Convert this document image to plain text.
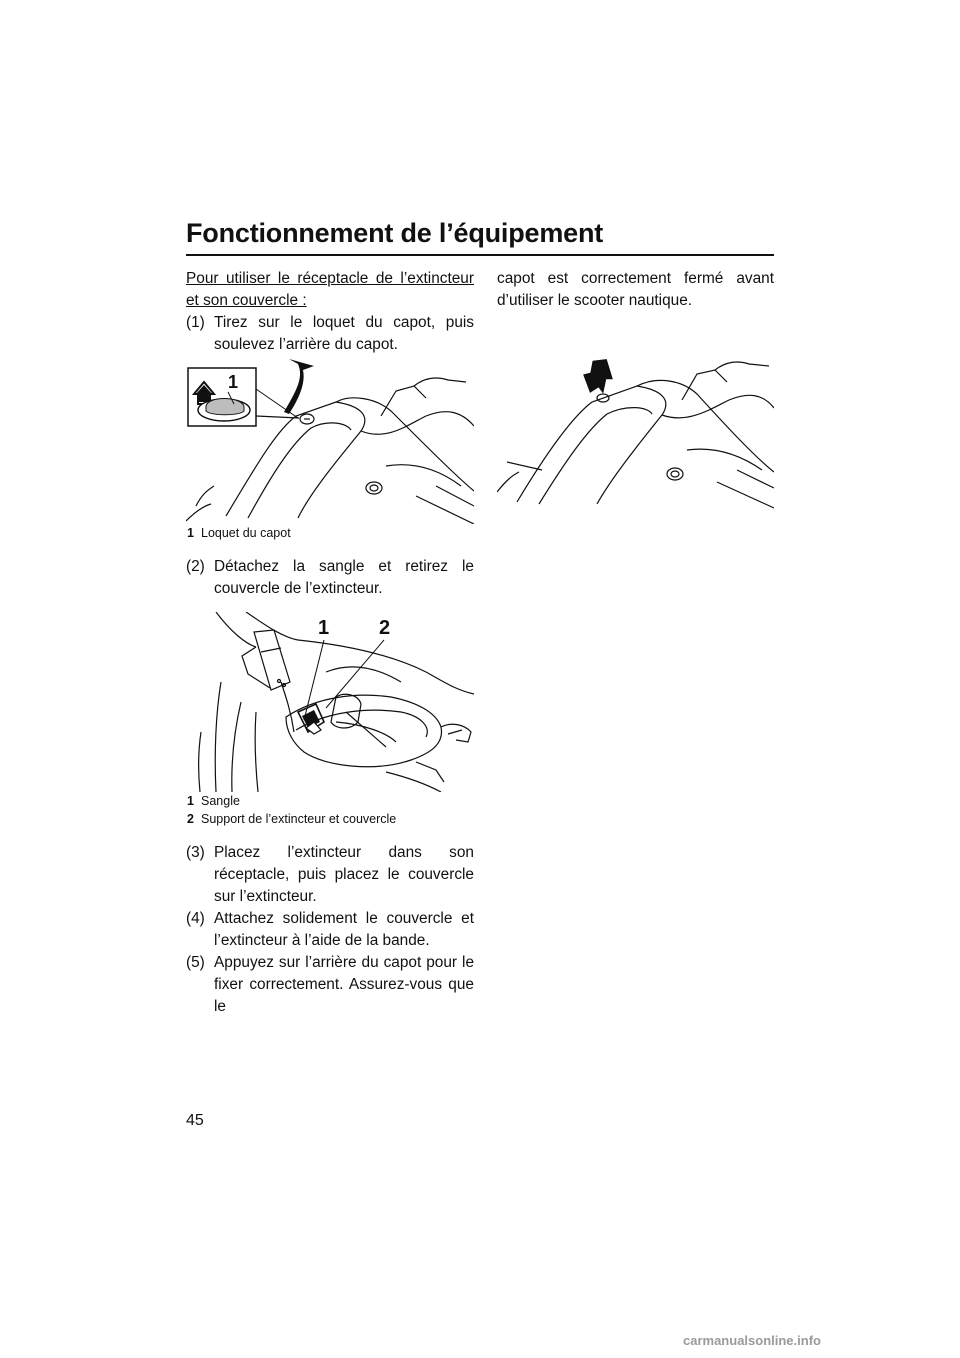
Fonctionnement de l’équipement

Pour utiliser le réceptacle de l’extincteur et son couvercle :

(1) Tirez sur le loquet du capot, puis soulevez l’arrière du capot.

1
1 Loquet du capot

(2) Détachez la sangle et retirez le couvercle de l’extincteur.

1 2
1 Sangle
2 Support de l’extincteur et couvercle

(3) Placez l’extincteur dans son réceptacle, puis placez le couvercle sur l’extincteur.

(4) Attachez solidement le couvercle et l’extincteur à l’aide de la bande.

(5) Appuyez sur l’arrière du capot pour le fixer correctement. Assurez-vous que le

capot est correctement fermé avant d’utiliser le scooter nautique.

45
carmanualsonline.info
